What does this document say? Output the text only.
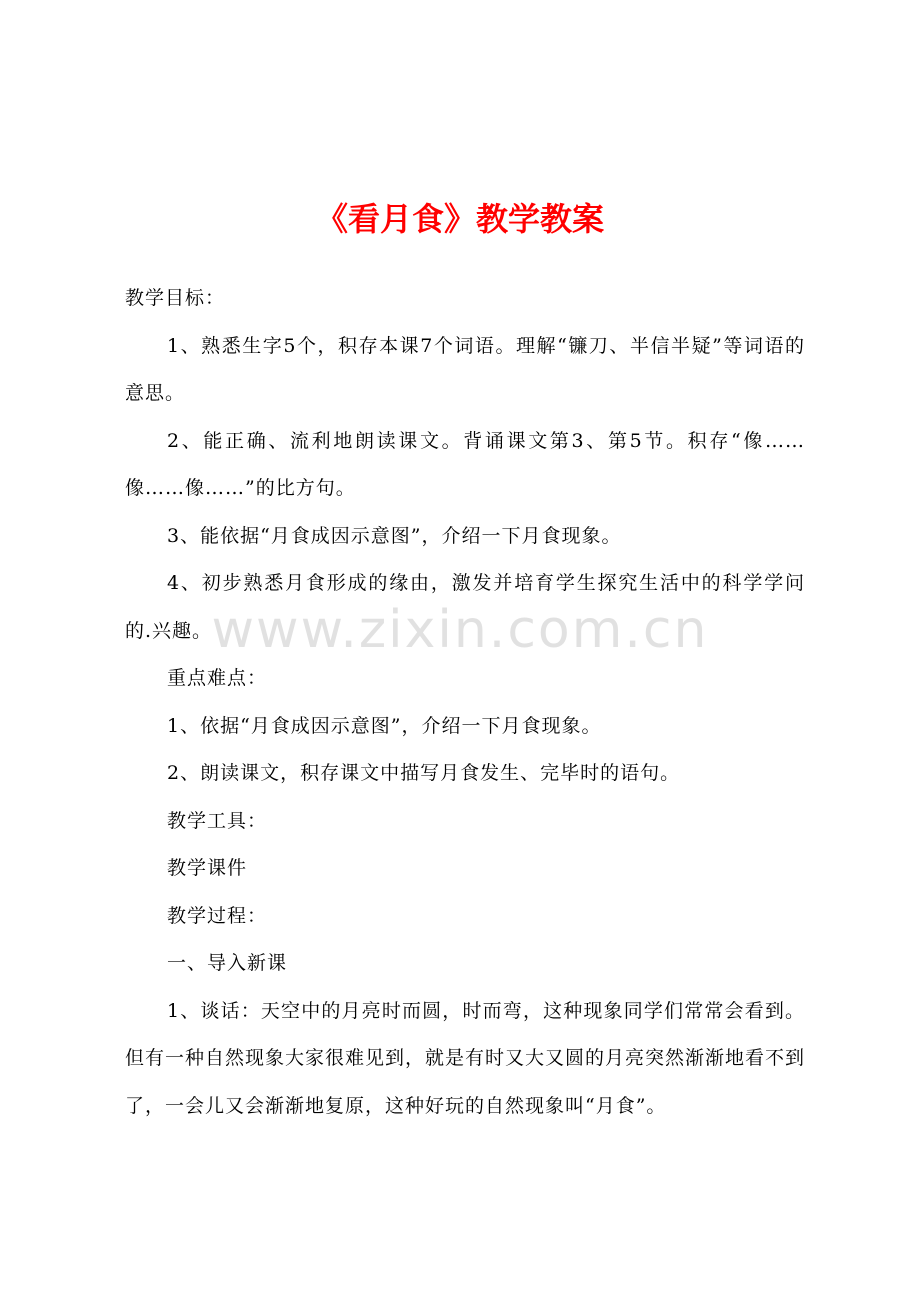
《看月食》教学教案

教学目标：

1、熟悉生字5个，积存本课7个词语。理解“镰刀、半信半疑”等词语的意思。

2、能正确、流利地朗读课文。背诵课文第3、第5节。积存“像……像……像……”的比方句。

3、能依据“月食成因示意图”，介绍一下月食现象。

4、初步熟悉月食形成的缘由，激发并培育学生探究生活中的科学学问的.兴趣。

重点难点：

1、依据“月食成因示意图”，介绍一下月食现象。

2、朗读课文，积存课文中描写月食发生、完毕时的语句。

教学工具：

教学课件

教学过程：

一、导入新课

1、谈话：天空中的月亮时而圆，时而弯，这种现象同学们常常会看到。但有一种自然现象大家很难见到，就是有时又大又圆的月亮突然渐渐地看不到了，一会儿又会渐渐地复原，这种好玩的自然现象叫“月食”。

www.zixin.com.cn
